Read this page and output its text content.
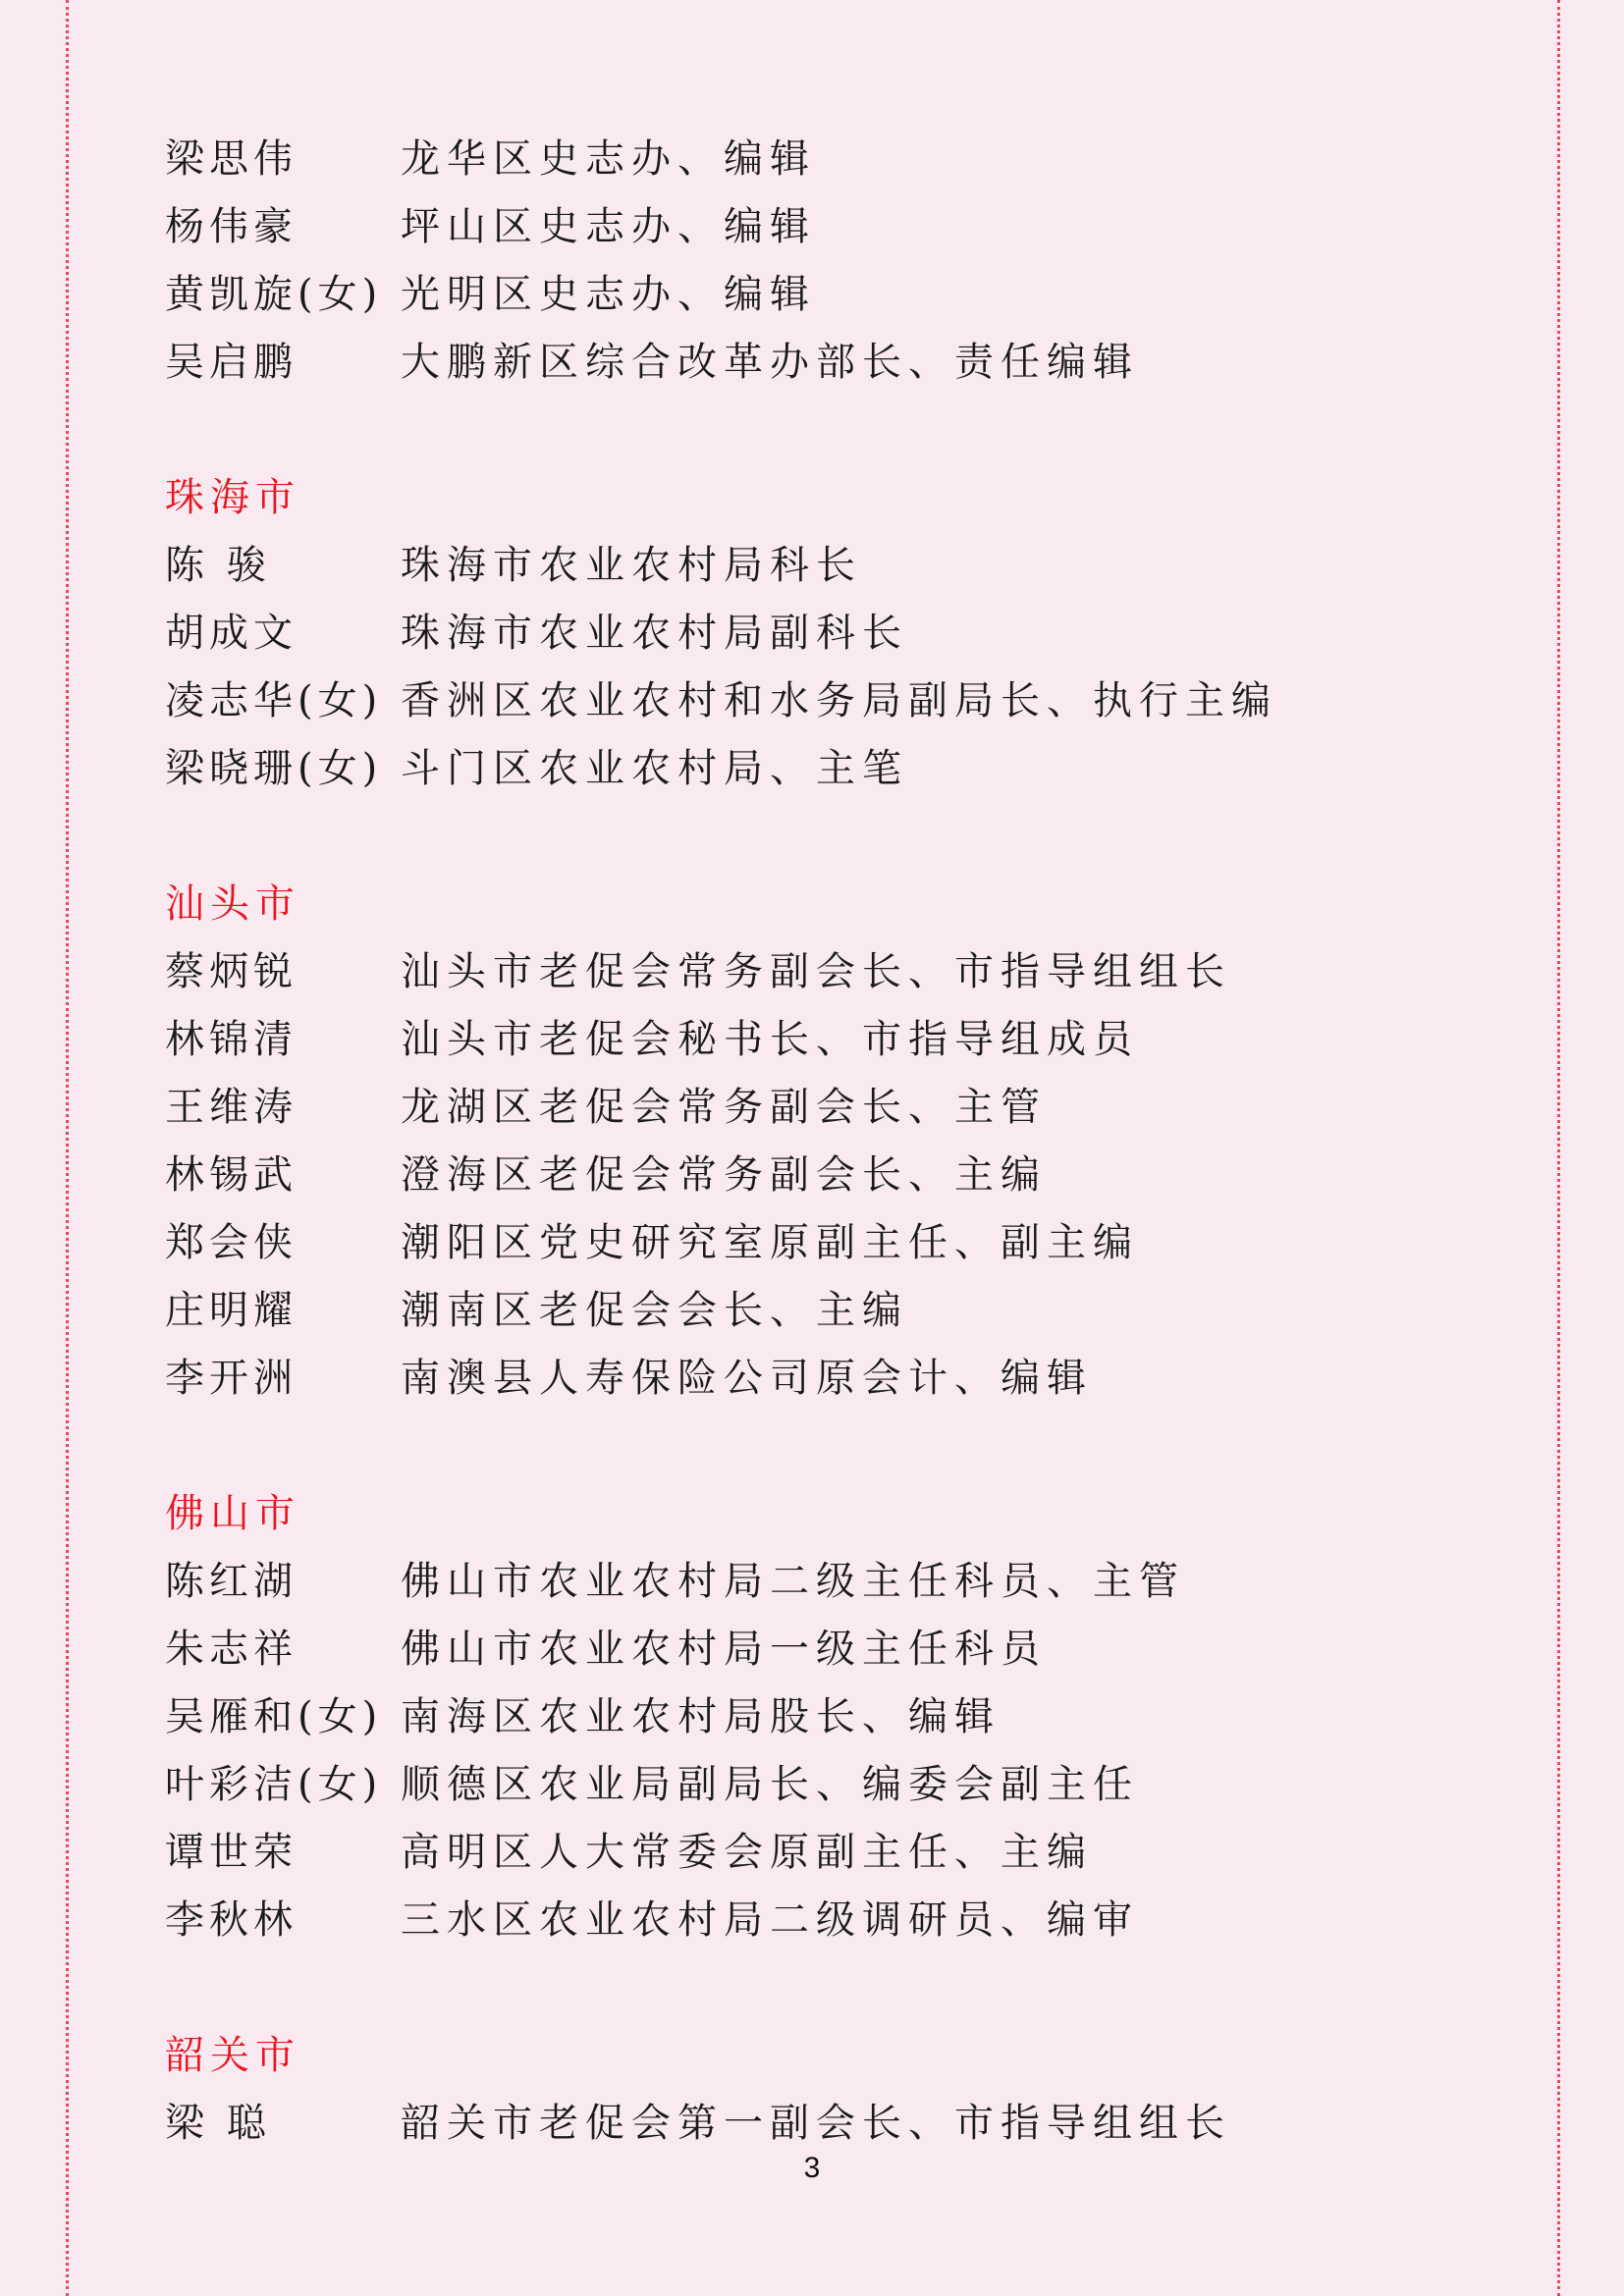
梁思伟	龙华区史志办、编辑
杨伟豪	坪山区史志办、编辑
黄凯旋(女) 光明区史志办、编辑
吴启鹏	大鹏新区综合改革办部长、责任编辑
珠海市
陈 骏	珠海市农业农村局科长
胡成文	珠海市农业农村局副科长
凌志华(女) 香洲区农业农村和水务局副局长、执行主编
梁晓珊(女) 斗门区农业农村局、主笔
汕头市
蔡炳锐	汕头市老促会常务副会长、市指导组组长
林锦清	汕头市老促会秘书长、市指导组成员
王维涛	龙湖区老促会常务副会长、主管
林锡武	澄海区老促会常务副会长、主编
郑会侠	潮阳区党史研究室原副主任、副主编
庄明耀	潮南区老促会会长、主编
李开洲	南澳县人寿保险公司原会计、编辑
佛山市
陈红湖	佛山市农业农村局二级主任科员、主管
朱志祥	佛山市农业农村局一级主任科员
吴雁和(女) 南海区农业农村局股长、编辑
叶彩洁(女) 顺德区农业局副局长、编委会副主任
谭世荣	高明区人大常委会原副主任、主编
李秋林	三水区农业农村局二级调研员、编审
韶关市
梁 聪	韶关市老促会第一副会长、市指导组组长
3
